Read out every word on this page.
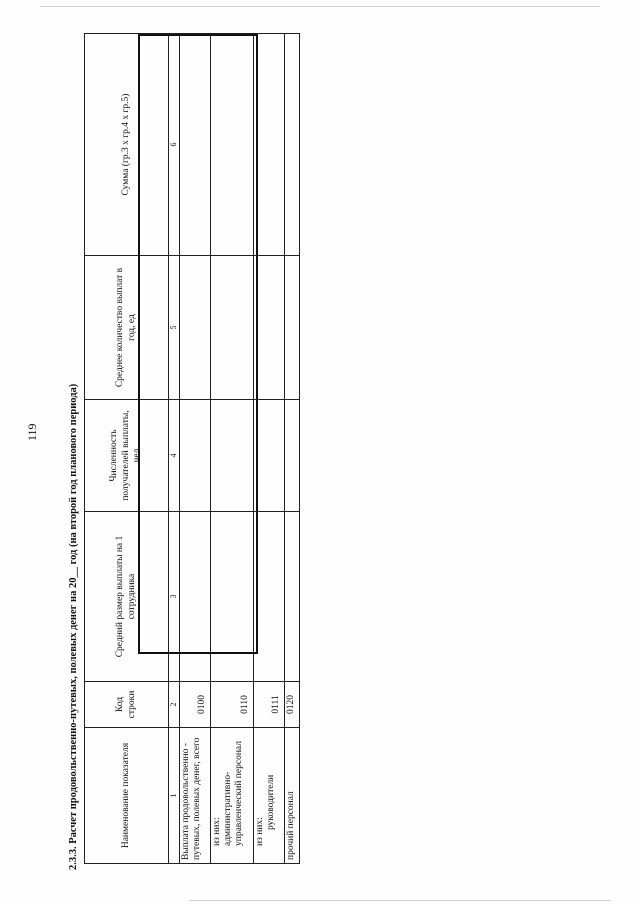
119	2.3.3. Расчет продовольственно-путевых, полевых денег на 20__ год (на второй год планового периода)	Наименование показателя	Код строки	Средний размер выплаты на 1 сотрудника	Численность получателей выплаты, чел	Среднее количество выплат в год, ед	Сумма (гр.3 х гр.4 х гр.5)
1	2	3	4	5	6
Выплата продовольственно - путевых, полевых денег, всего	0100				

из них: административно-управленческий персонал	0110				

из них:
руководители	0111				
прочий персонал	0120				
